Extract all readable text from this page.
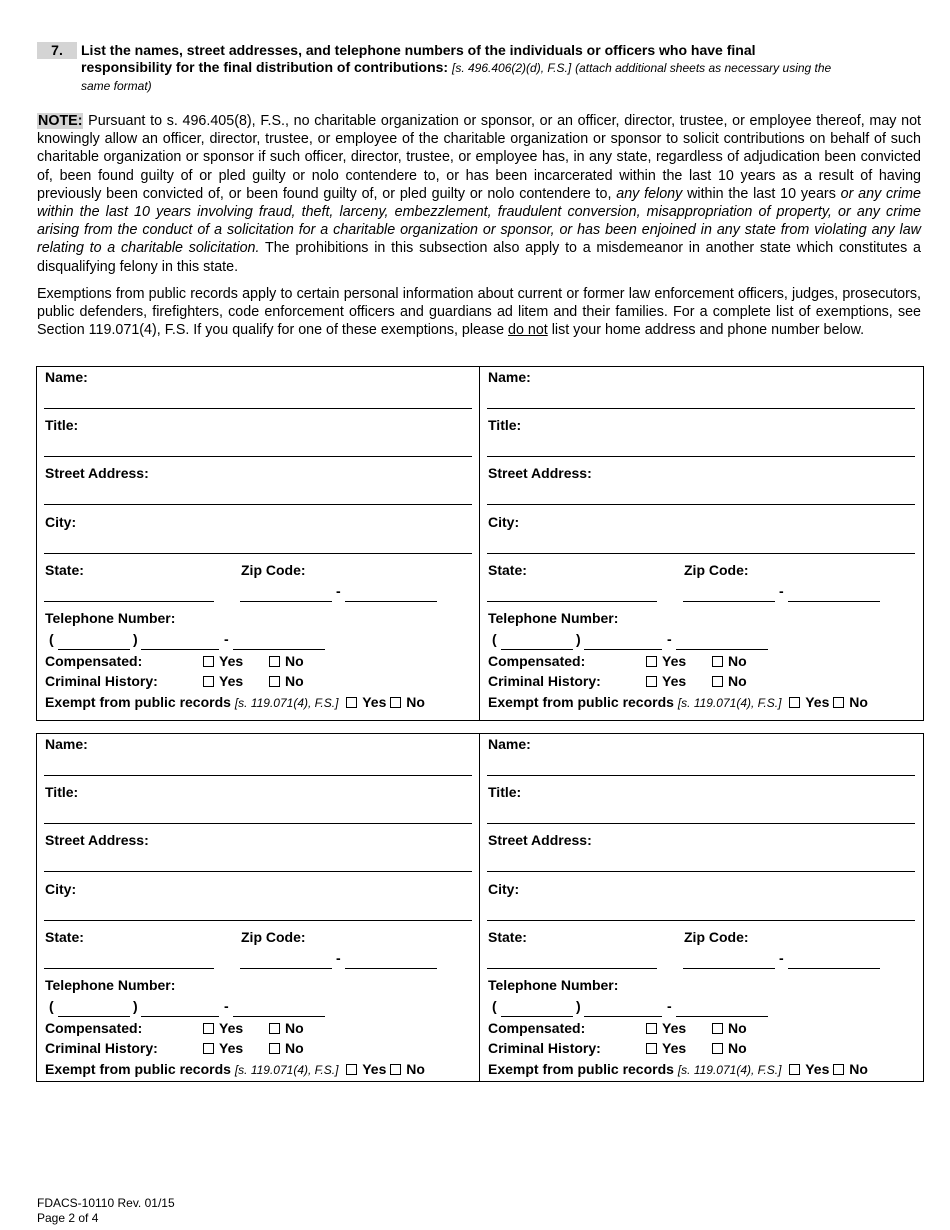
7. List the names, street addresses, and telephone numbers of the individuals or officers who have final
responsibility for the final distribution of contributions: [s. 496.406(2)(d), F.S.] (attach additional sheets as necessary using the
same format)
NOTE: Pursuant to s. 496.405(8), F.S., no charitable organization or sponsor, or an officer, director, trustee, or employee thereof, may not knowingly allow an officer, director, trustee, or employee of the charitable organization or sponsor to solicit contributions on behalf of such charitable organization or sponsor if such officer, director, trustee, or employee has, in any state, regardless of adjudication been convicted of, been found guilty of or pled guilty or nolo contendere to, or has been incarcerated within the last 10 years as a result of having previously been convicted of, or been found guilty of, or pled guilty or nolo contendere to, any felony within the last 10 years or any crime within the last 10 years involving fraud, theft, larceny, embezzlement, fraudulent conversion, misappropriation of property, or any crime arising from the conduct of a solicitation for a charitable organization or sponsor, or has been enjoined in any state from violating any law relating to a charitable solicitation. The prohibitions in this subsection also apply to a misdemeanor in another state which constitutes a disqualifying felony in this state.
Exemptions from public records apply to certain personal information about current or former law enforcement officers, judges, prosecutors, public defenders, firefighters, code enforcement officers and guardians ad litem and their families. For a complete list of exemptions, see Section 119.071(4), F.S. If you qualify for one of these exemptions, please do not list your home address and phone number below.
Name:
Title:
Street Address:
City:
State:	Zip Code:
-
Telephone Number:
(	)	-
Compensated:	Yes	No
Criminal History:	Yes	No
Exempt from public records [s. 119.071(4), F.S.] Yes No
Name:
Title:
Street Address:
City:
State:	Zip Code:
-
Telephone Number:
(	)	-
Compensated:	Yes	No
Criminal History:	Yes	No
Exempt from public records [s. 119.071(4), F.S.] Yes No
Name:
Title:
Street Address:
City:
State:	Zip Code:
-
Telephone Number:
(	)	-
Compensated:	Yes	No
Criminal History:	Yes	No
Exempt from public records [s. 119.071(4), F.S.] Yes No
Name:
Title:
Street Address:
City:
State:	Zip Code:
-
Telephone Number:
(	)	-
Compensated:	Yes	No
Criminal History:	Yes	No
Exempt from public records [s. 119.071(4), F.S.] Yes No
FDACS-10110 Rev. 01/15
Page 2 of 4
